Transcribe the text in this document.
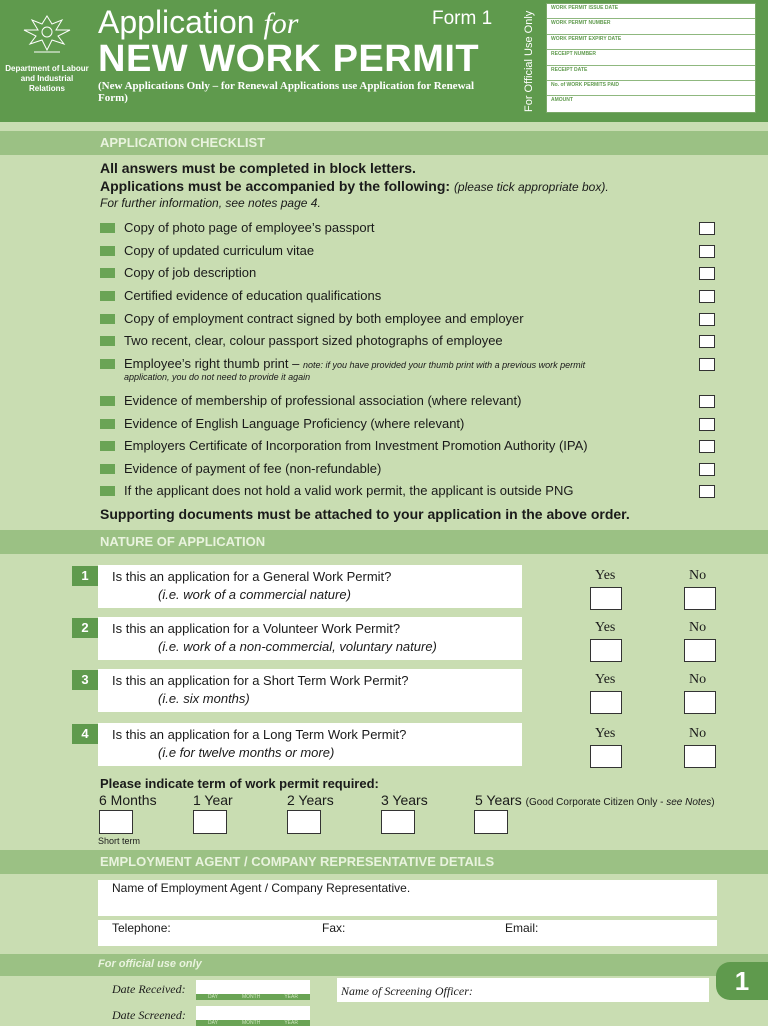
Department of Labour and Industrial Relations
Application for
NEW WORK PERMIT
Form 1
(New Applications Only – for Renewal Applications use Application for Renewal Form)	For Official Use Only
WORK PERMIT ISSUE DATE
WORK PERMIT NUMBER
WORK PERMIT EXPIRY DATE
RECEIPT NUMBER
RECEIPT DATE
No. of WORK PERMITS PAID
AMOUNT
APPLICATION CHECKLIST
All answers must be completed in block letters.
Applications must be accompanied by the following: (please tick appropriate box).
For further information, see notes page 4.
Copy of photo page of employee’s passport
Copy of updated curriculum vitae
Copy of job description
Certified evidence of education qualifications
Copy of employment contract signed by both employee and employer
Two recent, clear, colour passport sized photographs of employee
Employee’s right thumb print – note: if you have provided your thumb print with a previous work permit
application, you do not need to provide it again
Evidence of membership of professional association (where relevant)
Evidence of English Language Proficiency (where relevant)
Employers Certificate of Incorporation from Investment Promotion Authority (IPA)
Evidence of payment of fee (non-refundable)
If the applicant does not hold a valid work permit, the applicant is outside PNG
Supporting documents must be attached to your application in the above order.
NATURE OF APPLICATION
1	Is this an application for a General Work Permit?
(i.e. work of a commercial nature)
Yes	No
2	Is this an application for a Volunteer Work Permit?
(i.e. work of a non-commercial, voluntary nature)
Yes	No
3	Is this an application for a Short Term Work Permit?
(i.e. six months)
Yes	No
4	Is this an application for a Long Term Work Permit?
(i.e for twelve months or more)
Yes	No
Please indicate term of work permit required:
6 Months	1 Year	2 Years	3 Years	5 Years (Good Corporate Citizen Only - see Notes)
Short term
EMPLOYMENT AGENT / COMPANY REPRESENTATIVE DETAILS
Name of Employment Agent / Company Representative.
Telephone:	Fax:	Email:
For official use only
Date Received:
DAY	MONTH	YEAR
Date Screened:
DAY	MONTH	YEAR
Name of Screening Officer:	1
